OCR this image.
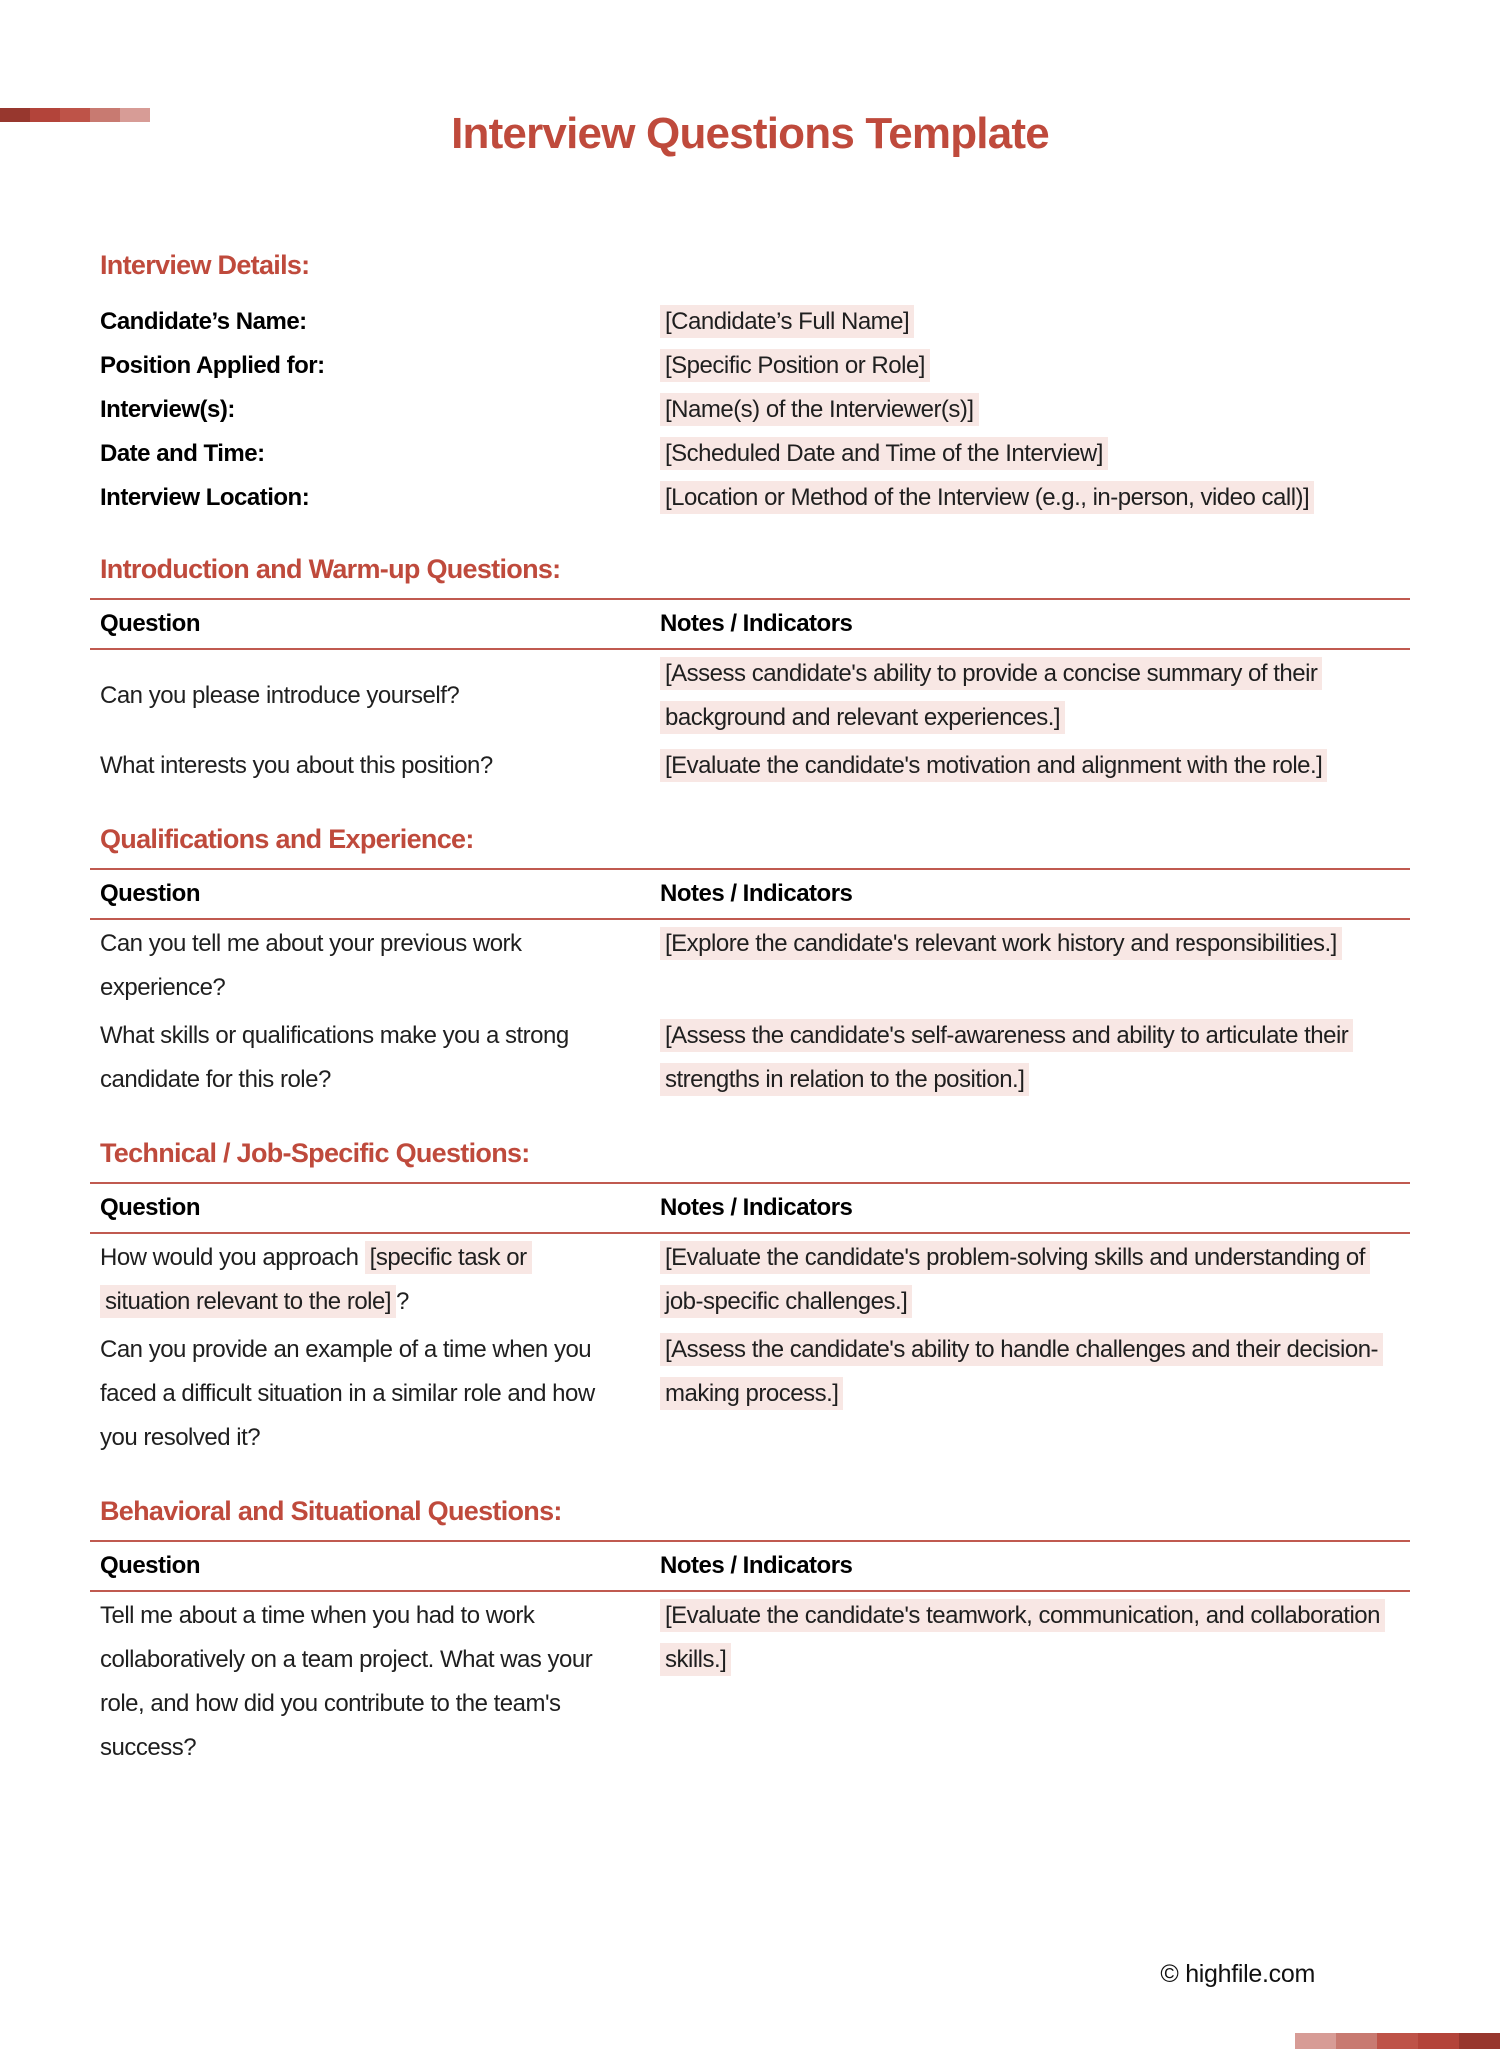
Interview Questions Template
Interview Details:
Candidate’s Name:	[Candidate’s Full Name]
Position Applied for:	[Specific Position or Role]
Interview(s):	[Name(s) of the Interviewer(s)]
Date and Time:	[Scheduled Date and Time of the Interview]
Interview Location:	[Location or Method of the Interview (e.g., in-person, video call)]
Introduction and Warm-up Questions:
Question	Notes / Indicators
Can you please introduce yourself?	[Assess candidate's ability to provide a concise summary of their background and relevant experiences.]
What interests you about this position?	[Evaluate the candidate's motivation and alignment with the role.]
Qualifications and Experience:
Question	Notes / Indicators
Can you tell me about your previous work experience?	[Explore the candidate's relevant work history and responsibilities.]
What skills or qualifications make you a strong candidate for this role?	[Assess the candidate's self-awareness and ability to articulate their strengths in relation to the position.]
Technical / Job-Specific Questions:
Question	Notes / Indicators
How would you approach [specific task or situation relevant to the role] ?	[Evaluate the candidate's problem-solving skills and understanding of job-specific challenges.]
Can you provide an example of a time when you faced a difficult situation in a similar role and how you resolved it?	[Assess the candidate's ability to handle challenges and their decision-making process.]
Behavioral and Situational Questions:
Question	Notes / Indicators
Tell me about a time when you had to work collaboratively on a team project. What was your role, and how did you contribute to the team's success?	[Evaluate the candidate's teamwork, communication, and collaboration skills.]
© highfile.com
